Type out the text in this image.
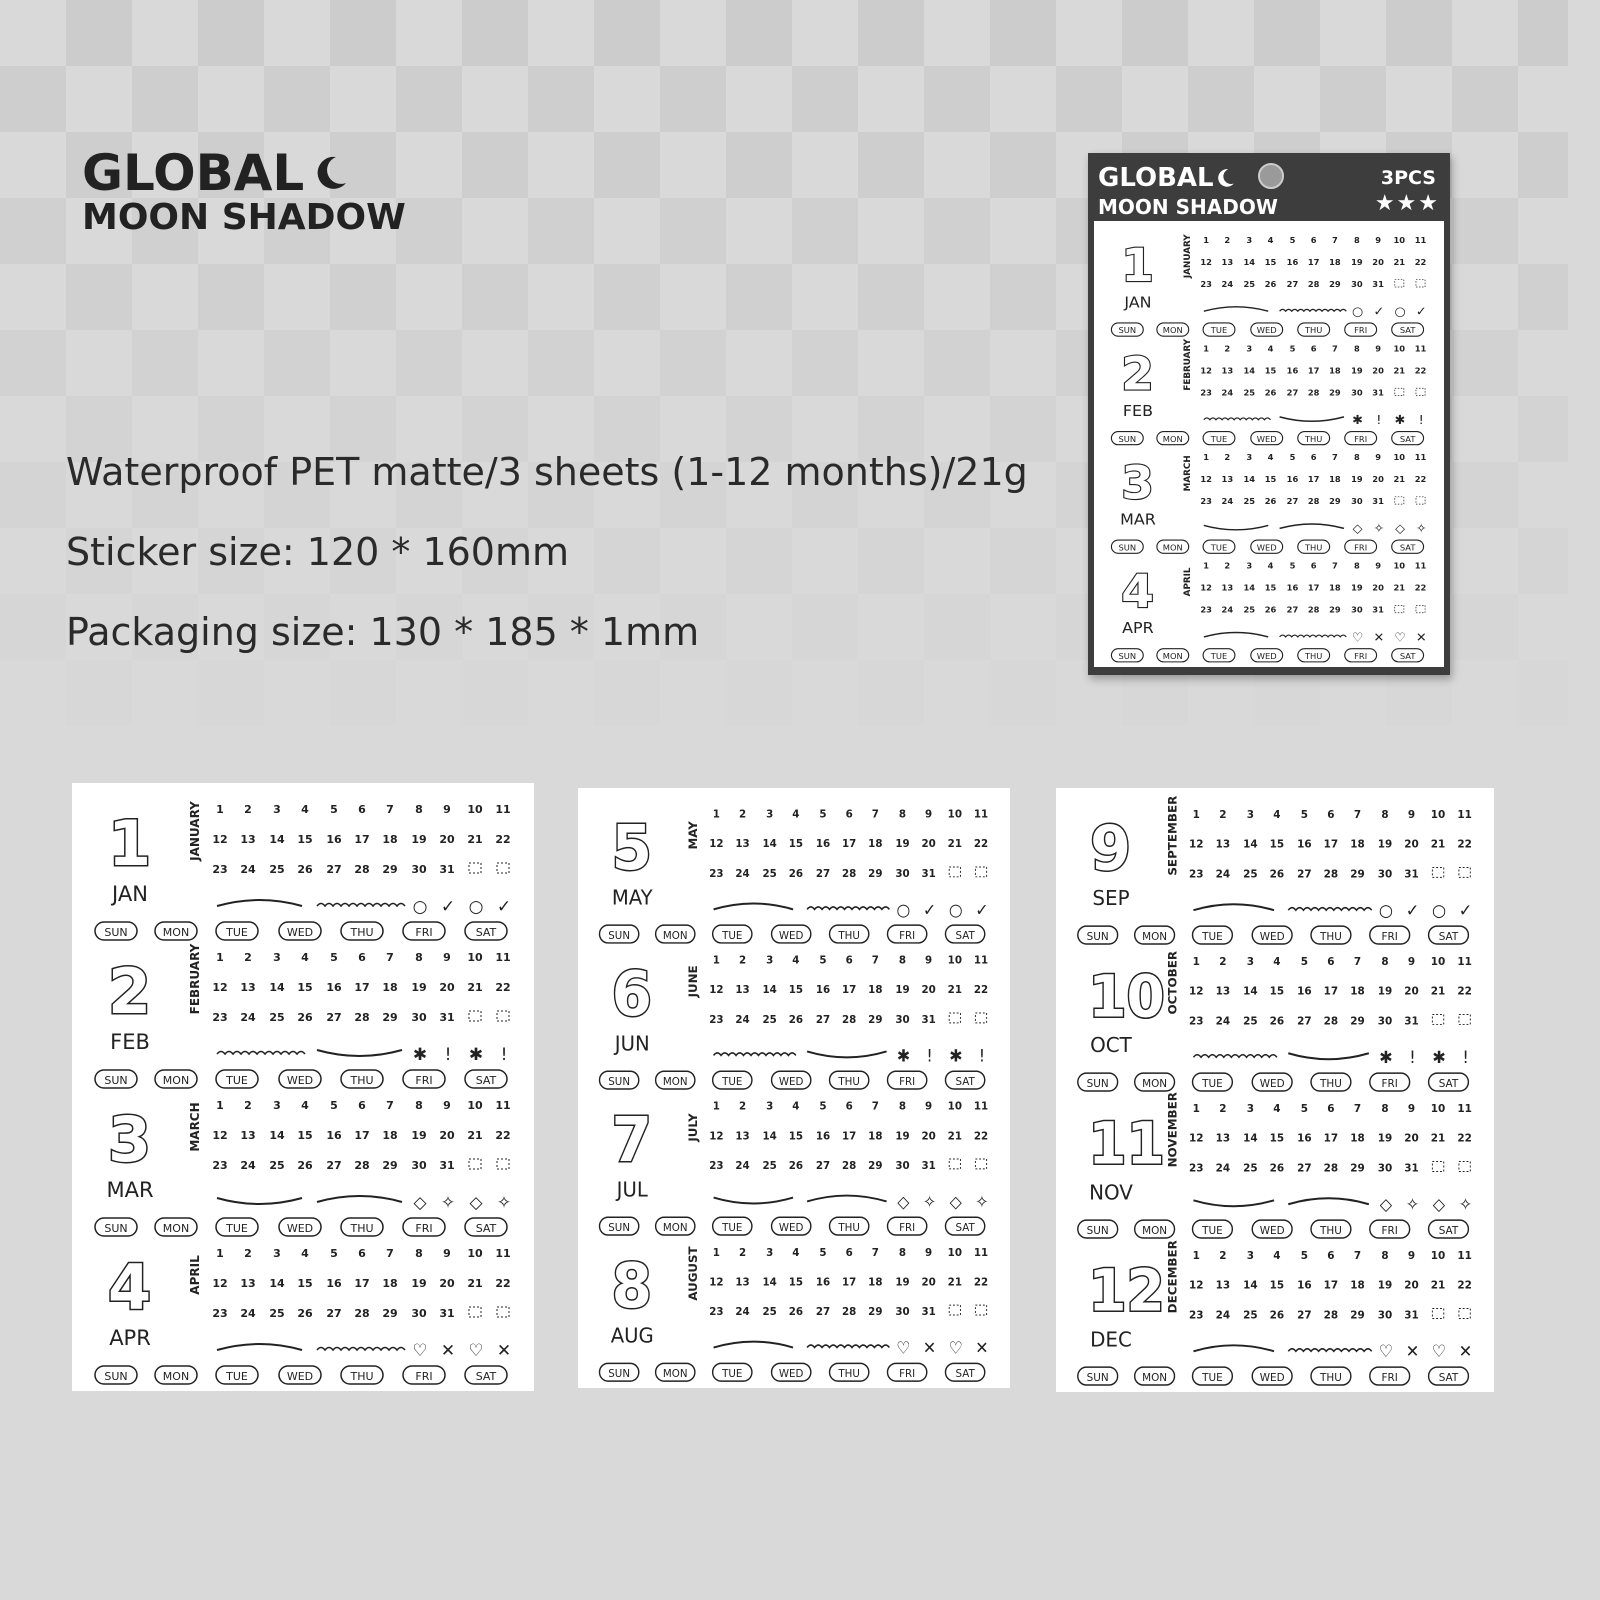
GLOBAL
MOON SHADOW
Waterproof PET matte/3 sheets (1-12 months)/21g
Sticker size: 120 * 160mm
Packaging size: 130 * 185 * 1mm
GLOBAL
MOON SHADOW
3PCS
★★★
1
JAN
JANUARY 1 2 3 4 5 6 7 8 9 10 11
12 13 14 15 16 17 18 19 20 21 22
23 24 25 26 27 28 29 30 31
○ ✓ ○ ✓
SUN MON	TUE	WED	THU	FRI	SAT
2
FEB
FEBRUARY 1 2 3 4 5 6 7 8 9 10 11
12 13 14 15 16 17 18 19 20 21 22
23 24 25 26 27 28 29 30 31
✱ ! ✱ !
SUN MON	TUE	WED	THU	FRI	SAT
3
MAR
MARCH 1 2 3 4 5 6 7 8 9 10 11
12 13 14 15 16 17 18 19 20 21 22
23 24 25 26 27 28 29 30 31
◇ ✧ ◇ ✧
SUN MON	TUE	WED	THU	FRI	SAT
4
APR
APRIL
1 2 3 4 5 6 7 8 9 10 11
12 13 14 15 16 17 18 19 20 21 22
23 24 25 26 27 28 29 30 31
♡ ✕ ♡ ✕
SUN MON	TUE	WED	THU	FRI	SAT
1
JAN
JANUARY 1 2 3 4 5 6 7 8 9 10 11
12 13 14 15 16 17 18 19 20 21 22
23 24 25 26 27 28 29 30 31
○ ✓ ○ ✓
SUN	MON	TUE	WED	THU	FRI	SAT
2
FEB
FEBRUARY 1 2 3 4 5 6 7 8 9 10 11
12 13 14 15 16 17 18 19 20 21 22
23 24 25 26 27 28 29 30 31
✱ ! ✱ !
SUN	MON	TUE	WED	THU	FRI	SAT
3
MAR
MARCH 1 2 3 4 5 6 7 8 9 10 11
12 13 14 15 16 17 18 19 20 21 22
23 24 25 26 27 28 29 30 31
◇ ✧ ◇ ✧
SUN	MON	TUE	WED	THU	FRI	SAT
4
APR
APRIL
1 2 3 4 5 6 7 8 9 10 11
12 13 14 15 16 17 18 19 20 21 22
23 24 25 26 27 28 29 30 31
♡ ✕ ♡ ✕
SUN	MON	TUE	WED	THU	FRI	SAT
5
MAY
MAY
1 2 3 4 5 6 7 8 9 10 11
12 13 14 15 16 17 18 19 20 21 22
23 24 25 26 27 28 29 30 31
○ ✓ ○ ✓
SUN	MON	TUE	WED	THU	FRI	SAT
6
JUN
JUNE
1 2 3 4 5 6 7 8 9 10 11
12 13 14 15 16 17 18 19 20 21 22
23 24 25 26 27 28 29 30 31
✱ ! ✱ !
SUN	MON	TUE	WED	THU	FRI	SAT
7
JUL
JULY
1 2 3 4 5 6 7 8 9 10 11
12 13 14 15 16 17 18 19 20 21 22
23 24 25 26 27 28 29 30 31
◇ ✧ ◇ ✧
SUN	MON	TUE	WED	THU	FRI	SAT
8
AUG
AUGUST 1 2 3 4 5 6 7 8 9 10 11
12 13 14 15 16 17 18 19 20 21 22
23 24 25 26 27 28 29 30 31
♡ ✕ ♡ ✕
SUN	MON	TUE	WED	THU	FRI	SAT
9
SEP
SEPTEMBER 1 2 3 4 5 6 7 8 9 10 11
12 13 14 15 16 17 18 19 20 21 22
23 24 25 26 27 28 29 30 31
○ ✓ ○ ✓
SUN	MON	TUE	WED	THU	FRI	SAT
10
OCT
OCTOBER 1 2 3 4 5 6 7 8 9 10 11
12 13 14 15 16 17 18 19 20 21 22
23 24 25 26 27 28 29 30 31
✱ ! ✱ !
SUN	MON	TUE	WED	THU	FRI	SAT
11
NOV
NOVEMBER 1 2 3 4 5 6 7 8 9 10 11
12 13 14 15 16 17 18 19 20 21 22
23 24 25 26 27 28 29 30 31
◇ ✧ ◇ ✧
SUN	MON	TUE	WED	THU	FRI	SAT
12
DEC
DECEMBER 1 2 3 4 5 6 7 8 9 10 11
12 13 14 15 16 17 18 19 20 21 22
23 24 25 26 27 28 29 30 31
♡ ✕ ♡ ✕
SUN	MON	TUE	WED	THU	FRI	SAT
